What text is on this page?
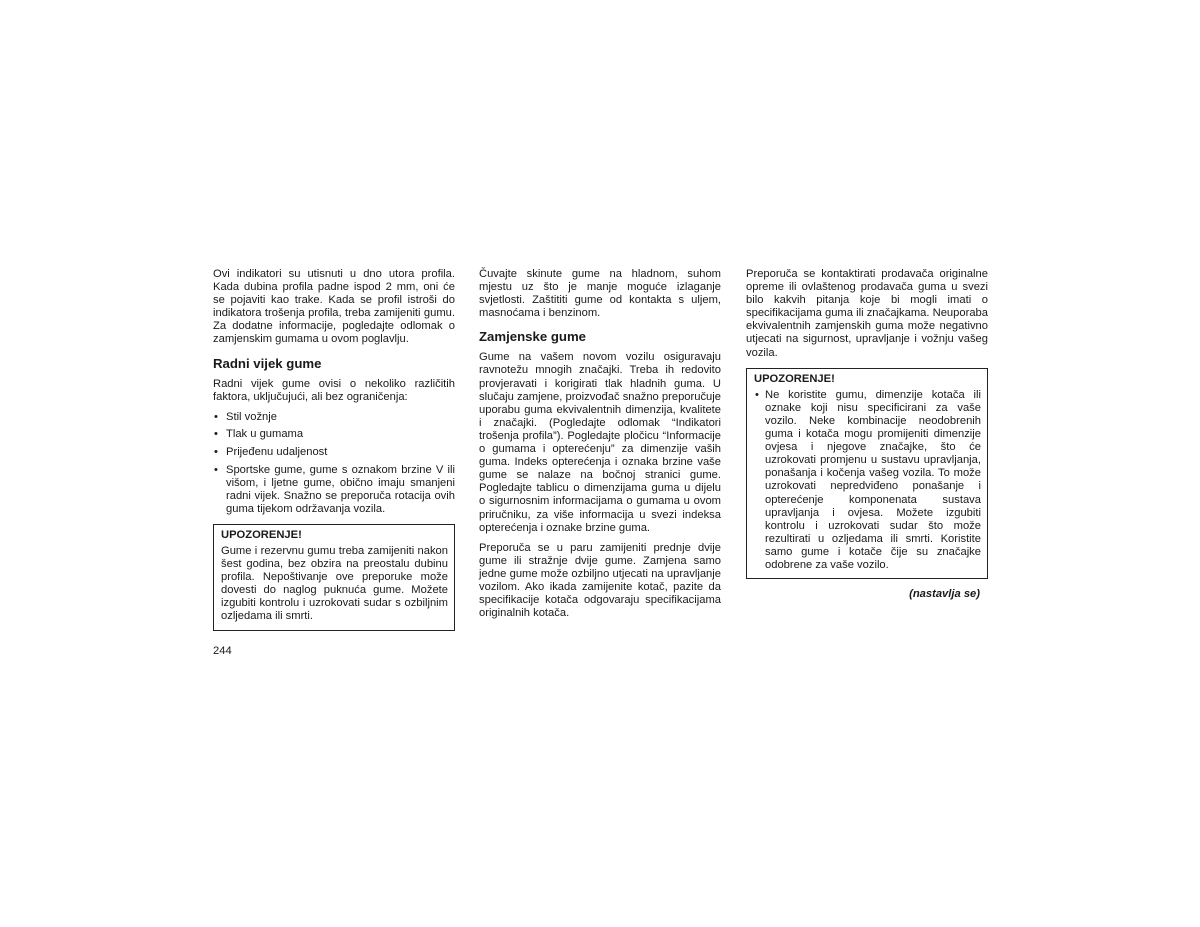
Ovi indikatori su utisnuti u dno utora profila. Kada dubina profila padne ispod 2 mm, oni će se pojaviti kao trake. Kada se profil istroši do indikatora trošenja profila, treba zamijeniti gumu. Za dodatne informacije, pogledajte odlomak o zamjenskim gumama u ovom poglavlju.

Radni vijek gume

Radni vijek gume ovisi o nekoliko različitih faktora, uključujući, ali bez ograničenja:

• Stil vožnje
• Tlak u gumama
• Prijeđenu udaljenost
• Sportske gume, gume s oznakom brzine V ili višom, i ljetne gume, obično imaju smanjeni radni vijek. Snažno se preporuča rotacija ovih guma tijekom održavanja vozila.
UPOZORENJE!

Gume i rezervnu gumu treba zamijeniti nakon šest godina, bez obzira na preostalu dubinu profila. Nepoštivanje ove preporuke može dovesti do naglog puknuća gume. Možete izgubiti kontrolu i uzrokovati sudar s ozbiljnim ozljedama ili smrti.

Čuvajte skinute gume na hladnom, suhom mjestu uz što je manje moguće izlaganje svjetlosti. Zaštititi gume od kontakta s uljem, masnoćama i benzinom.

Zamjenske gume

Gume na vašem novom vozilu osiguravaju ravnotežu mnogih značajki. Treba ih redovito provjeravati i korigirati tlak hladnih guma. U slučaju zamjene, proizvođač snažno preporučuje uporabu guma ekvivalentnih dimenzija, kvalitete i značajki. (Pogledajte odlomak “Indikatori trošenja profila”). Pogledajte pločicu “Informacije o gumama i opterećenju” za dimenzije vaših guma. Indeks opterećenja i oznaka brzine vaše gume se nalaze na bočnoj stranici gume. Pogledajte tablicu o dimenzijama guma u dijelu o sigurnosnim informacijama o gumama u ovom priručniku, za više informacija u svezi indeksa opterećenja i oznake brzine guma.

Preporuča se u paru zamijeniti prednje dvije gume ili stražnje dvije gume. Zamjena samo jedne gume može ozbiljno utjecati na upravljanje vozilom. Ako ikada zamijenite kotač, pazite da specifikacije kotača odgovaraju specifikacijama originalnih kotača.

Preporuča se kontaktirati prodavača originalne opreme ili ovlaštenog prodavača guma u svezi bilo kakvih pitanja koje bi mogli imati o specifikacijama guma ili značajkama. Neuporaba ekvivalentnih zamjenskih guma može negativno utjecati na sigurnost, upravljanje i vožnju vašeg vozila.

UPOZORENJE!
• Ne koristite gumu, dimenzije kotača ili oznake koji nisu specificirani za vaše vozilo. Neke kombinacije neodobrenih guma i kotača mogu promijeniti dimenzije ovjesa i njegove značajke, što će uzrokovati promjenu u sustavu upravljanja, ponašanja i kočenja vašeg vozila. To može uzrokovati nepredviđeno ponašanje i opterećenje komponenata sustava upravljanja i ovjesa. Možete izgubiti kontrolu i uzrokovati sudar što može rezultirati u ozljedama ili smrti. Koristite samo gume i kotače čije su značajke odobrene za vaše vozilo.
(nastavlja se)
244
